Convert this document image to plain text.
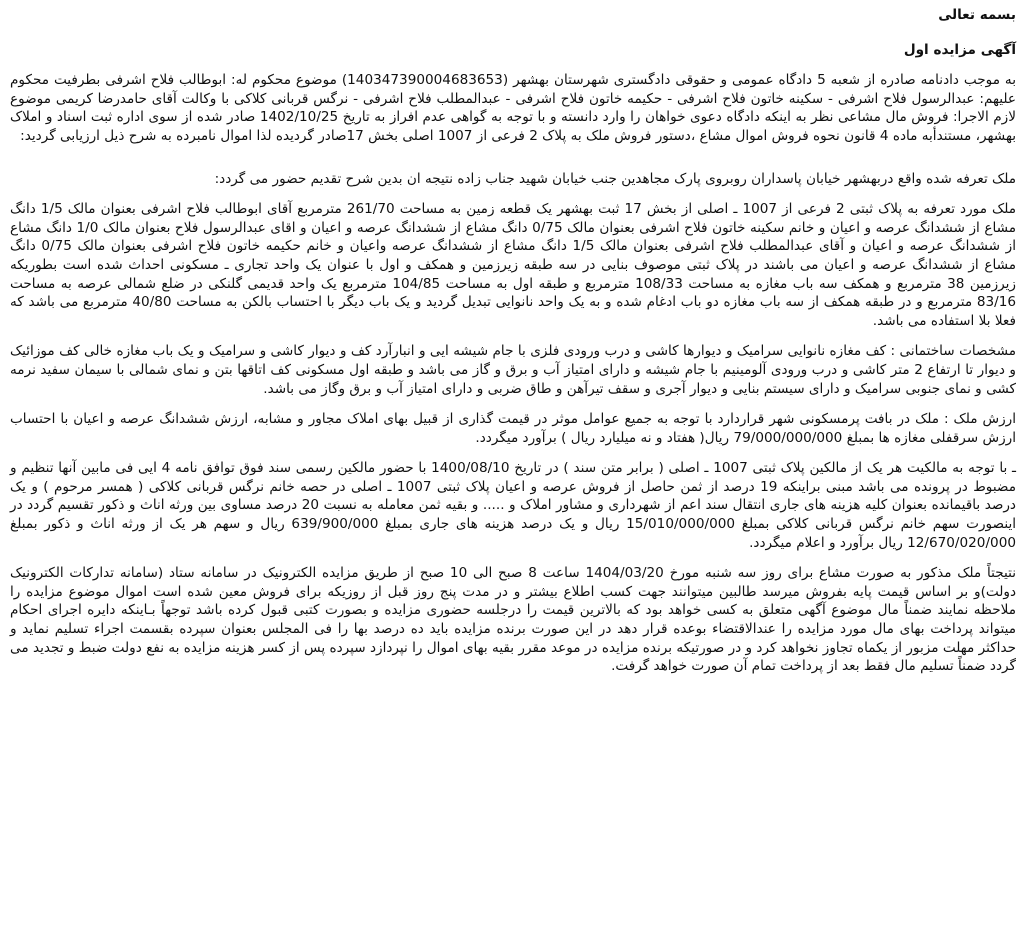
بسمه تعالی

آگهی مزایده اول

به موجب دادنامه صادره از شعبه 5 دادگاه عمومی و حقوقی دادگستری شهرستان بهشهر (140347390004683653) موضوع محکوم له: ابوطالب فلاح اشرفی بطرفیت محکوم علیهم: عبدالرسول فلاح اشرفی - سکینه خاتون فلاح اشرفی - حکیمه خاتون فلاح اشرفی - عبدالمطلب فلاح اشرفی - نرگس قربانی کلاکی با وکالت آقای حامدرضا کریمی موضوع لازم الاجرا: فروش مال مشاعی نظر به اینکه دادگاه دعوی خواهان را وارد دانسته و با توجه به گواهی عدم افراز به تاریخ 1402/10/25 صادر شده از سوی اداره ثبت اسناد و املاک بهشهر، مستندأبه ماده 4 قانون نحوه فروش اموال مشاع ،دستور فروش ملک به پلاک 2 فرعی از 1007 اصلی بخش 17صادر گردیده لذا اموال نامبرده به شرح ذیل ارزیابی گردید:

ملک تعرفه شده واقع دربهشهر خیابان پاسداران روبروی پارک مجاهدین جنب خیابان شهید جناب زاده نتیجه ان بدین شرح تقدیم حضور می گردد:

ملک مورد تعرفه به پلاک ثبتی 2 فرعی از 1007 ـ اصلی از بخش 17 ثبت بهشهر یک قطعه زمین به مساحت 261/70 مترمربع آقای ابوطالب فلاح اشرفی بعنوان مالک 1/5 دانگ مشاع از ششدانگ عرصه و اعیان و خانم سکینه خاتون فلاح اشرفی بعنوان مالک 0/75 دانگ مشاع از ششدانگ عرصه و اعیان و اقای عبدالرسول فلاح بعنوان مالک 1/0 دانگ مشاع از ششدانگ عرصه و اعیان و آقای عبدالمطلب فلاح اشرفی بعنوان مالک 1/5 دانگ مشاع از ششدانگ عرصه واعیان و خانم حکیمه خاتون فلاح اشرفی بعنوان مالک 0/75 دانگ مشاع از ششدانگ عرصه و اعیان می باشند در پلاک ثبتی موصوف بنایی در سه طبقه زیرزمین و همکف و اول با عنوان یک واحد تجاری ـ مسکونی احداث شده است بطوریکه زیرزمین 38 مترمربع و همکف سه باب مغازه به مساحت 108/33 مترمربع و طبقه اول به مساحت 104/85 مترمربع یک واحد قدیمی گلنکی در ضلع شمالی عرصه به مساحت 83/16 مترمربع و در طبقه همکف از سه باب مغازه دو باب ادغام شده و به یک واحد نانوایی تبدیل گردید و یک باب دیگر با احتساب بالکن به مساحت 40/80 مترمربع می باشد که فعلا بلا استفاده می باشد.

مشخصات ساختمانی : کف مغازه نانوایی سرامیک و دیوارها کاشی و درب ورودی فلزی با جام شیشه ایی و انبارآرد کف و دیوار کاشی و سرامیک و یک باب مغازه خالی کف موزائیک و دیوار تا ارتفاع 2 متر کاشی و درب ورودی آلومینیم با جام شیشه و دارای امتیاز آب و برق و گاز می باشد و طبقه اول مسکونی کف اتاقها بتن و نمای شمالی با سیمان سفید نرمه کشی و نمای جنوبی سرامیک و دارای سیستم بنایی و دیوار آجری و سقف تیرآهن و طاق ضربی و دارای امتیاز آب و برق وگاز می باشد.

ارزش ملک : ملک در بافت پرمسکونی شهر قراردارد با توجه به جمیع عوامل موثر در قیمت گذاری از قبیل بهای املاک مجاور و مشابه، ارزش ششدانگ عرصه و اعیان با احتساب ارزش سرقفلی مغازه ها بمبلغ 79/000/000/000 ریال( هفتاد و نه میلیارد ریال ) برآورد میگردد.

ـ با توجه به مالکیت هر یک از مالکین پلاک ثبتی 1007 ـ اصلی ( برابر متن سند ) در تاریخ 1400/08/10 با حضور مالکین رسمی سند فوق توافق نامه 4 ایی فی مابین آنها تنظیم و مضبوط در پرونده می باشد مبنی براینکه 19 درصد از ثمن حاصل از فروش عرصه و اعیان پلاک ثبتی 1007 ـ اصلی در حصه خانم نرگس قربانی کلاکی ( همسر مرحوم ) و یک درصد باقیمانده بعنوان کلیه هزینه های جاری انتقال سند اعم از شهرداری و مشاور املاک و ..... و بقیه ثمن معامله به نسبت 20 درصد مساوی بین ورثه اناث و ذکور تقسیم گردد در اینصورت سهم خانم نرگس قربانی کلاکی بمبلغ 15/010/000/000 ریال و یک درصد هزینه های جاری بمبلغ 639/900/000 ریال و سهم هر یک از ورثه اناث و ذکور بمبلغ 12/670/020/000 ریال برآورد و اعلام میگردد.

نتیجتاً ملک مذکور به صورت مشاع برای روز سه شنبه مورخ 1404/03/20 ساعت 8 صبح الی 10 صبح از طریق مزایده الکترونیک در سامانه ستاد (سامانه تدارکات الکترونیک دولت)و بر اساس قیمت پایه بفروش میرسد طالبین میتوانند جهت کسب اطلاع بیشتر و در مدت پنج روز قبل از روزیکه برای فروش معین شده است اموال موضوع مزایده را ملاحظه نمایند ضمناً مال موضوع آگهی متعلق به کسی خواهد بود که بالاترین قیمت را درجلسه حضوری مزایده و بصورت کتبی قبول کرده باشد توجهاً بـاینکه دایره اجرای احکام میتواند پرداخت بهای مال مورد مزایده را عندالاقتضاء بوعده قرار دهد در این صورت برنده مزایده باید ده درصد بها را فی المجلس بعنوان سپرده بقسمت اجراء تسلیم نماید و حداکثر مهلت مزبور از یکماه تجاوز نخواهد کرد و در صورتیکه برنده مزایده در موعد مقرر بقیه بهای اموال را نپردازد سپرده پس از کسر هزینه مزایده به نفع دولت ضبط و تجدید می گردد ضمناً تسلیم مال فقط بعد از پرداخت تمام آن صورت خواهد گرفت.
